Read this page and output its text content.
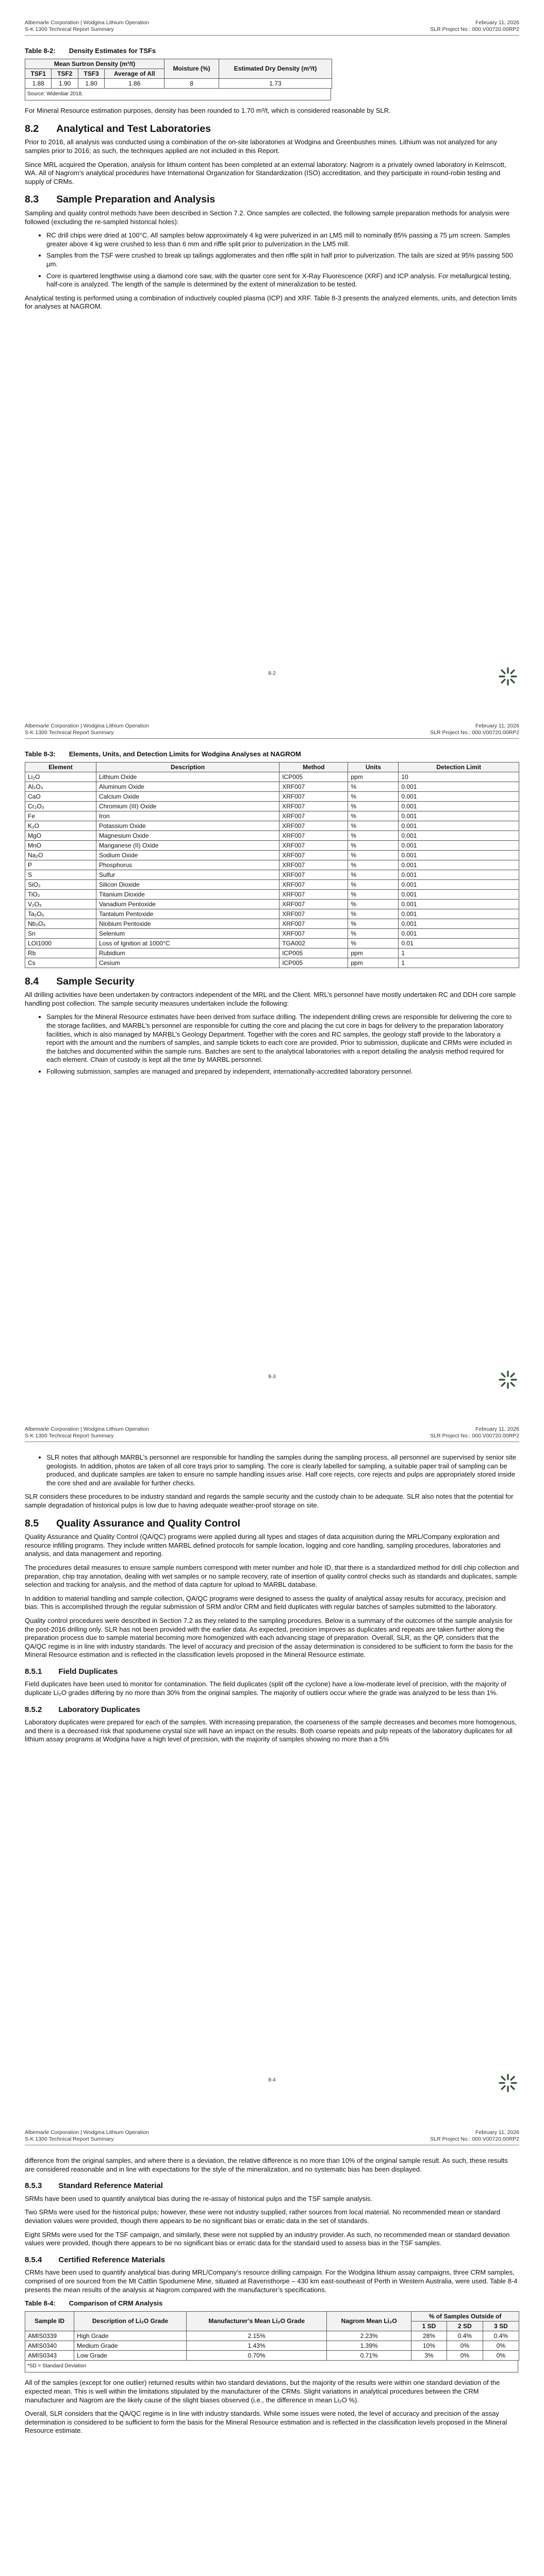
Albemarle Corporation | Wodgina Lithium Operation
S-K 1300 Technical Report Summary
February 11, 2026
SLR Project No.: 000.V00720.00RP2
Table 8-2: Density Estimates for TSFs
Mean Surtron Density (m³/t)				Moisture (%)	Estimated Dry Density (m³/t)
TSF1	TSF2	TSF3	Average of All		
1.88	1.90	1.80	1.86	8	1.73
Source: Widenbar 2018.

For Mineral Resource estimation purposes, density has been rounded to 1.70 m³/t, which is considered reasonable by SLR.

8.2 Analytical and Test Laboratories

Prior to 2016, all analysis was conducted using a combination of the on-site laboratories at Wodgina and Greenbushes mines. Lithium was not analyzed for any samples prior to 2016; as such, the techniques applied are not included in this Report.

Since MRL acquired the Operation, analysis for lithium content has been completed at an external laboratory. Nagrom is a privately owned laboratory in Kelmscott, WA. All of Nagrom’s analytical procedures have International Organization for Standardization (ISO) accreditation, and they participate in round-robin testing and supply of CRMs.

8.3 Sample Preparation and Analysis

Sampling and quality control methods have been described in Section 7.2. Once samples are collected, the following sample preparation methods for analysis were followed (excluding the re-sampled historical holes):

• RC drill chips were dried at 100°C. All samples below approximately 4 kg were pulverized in an LM5 mill to nominally 85% passing a 75 μm screen. Samples greater above 4 kg were crushed to less than 6 mm and riffle split prior to pulverization in the LM5 mill.
• Samples from the TSF were crushed to break up tailings agglomerates and then riffle split in half prior to pulverization. The tails are sized at 95% passing 500 μm.
• Core is quartered lengthwise using a diamond core saw, with the quarter core sent for X-Ray Fluorescence (XRF) and ICP analysis. For metallurgical testing, half-core is analyzed. The length of the sample is determined by the extent of mineralization to be tested.

Analytical testing is performed using a combination of inductively coupled plasma (ICP) and XRF. Table 8-3 presents the analyzed elements, units, and detection limits for analyses at NAGROM.

8-2
Albemarle Corporation | Wodgina Lithium Operation
S-K 1300 Technical Report Summary
February 11, 2026
SLR Project No.: 000.V00720.00RP2
Table 8-3: Elements, Units, and Detection Limits for Wodgina Analyses at NAGROM
Element	Description	Method	Units	Detection Limit
Li₂O	Lithium Oxide	ICP005	ppm	10
Al₂O₃	Aluminum Oxide	XRF007	%	0.001
CaO	Calcium Oxide	XRF007	%	0.001
Cr₂O₃	Chromium (III) Oxide	XRF007	%	0.001
Fe	Iron	XRF007	%	0.001
K₂O	Potassium Oxide	XRF007	%	0.001
MgO	Magnesium Oxide	XRF007	%	0.001
MnO	Manganese (II) Oxide	XRF007	%	0.001
Na₂O	Sodium Oxide	XRF007	%	0.001
P	Phosphorus	XRF007	%	0.001
S	Sulfur	XRF007	%	0.001
SiO₂	Silicon Dioxide	XRF007	%	0.001
TiO₂	Titanium Dioxide	XRF007	%	0.001
V₂O₅	Vanadium Pentoxide	XRF007	%	0.001
Ta₂O₅	Tantalum Pentoxide	XRF007	%	0.001
Nb₂O₅	Niobium Pentoxide	XRF007	%	0.001
Sn	Selenium	XRF007	%	0.001
LOI1000	Loss of Ignition at 1000°C	TGA002	%	0.01
Rb	Rubidium	ICP005	ppm	1
Cs	Cesium	ICP005	ppm	1
8.4 Sample Security

All drilling activities have been undertaken by contractors independent of the MRL and the Client. MRL’s personnel have mostly undertaken RC and DDH core sample handling post collection. The sample security measures undertaken include the following:

• Samples for the Mineral Resource estimates have been derived from surface drilling. The independent drilling crews are responsible for delivering the core to the storage facilities, and MARBL’s personnel are responsible for cutting the core and placing the cut core in bags for delivery to the preparation laboratory facilities, which is also managed by MARBL’s Geology Department. Together with the cores and RC samples, the geology staff provide to the laboratory a report with the amount and the numbers of samples, and sample tickets to each core are provided. Prior to submission, duplicate and CRMs were included in the batches and documented within the sample runs. Batches are sent to the analytical laboratories with a report detailing the analysis method required for each element. Chain of custody is kept all the time by MARBL personnel.
• Following submission, samples are managed and prepared by independent, internationally-accredited laboratory personnel.
8-3
Albemarle Corporation | Wodgina Lithium Operation
S-K 1300 Technical Report Summary
February 11, 2026
SLR Project No.: 000.V00720.00RP2
• SLR notes that although MARBL’s personnel are responsible for handling the samples during the sampling process, all personnel are supervised by senior site geologists. In addition, photos are taken of all core trays prior to sampling. The core is clearly labelled for sampling, a suitable paper trail of sampling can be produced, and duplicate samples are taken to ensure no sample handling issues arise. Half core rejects, core rejects and pulps are appropriately stored inside the core shed and are available for further checks.

SLR considers these procedures to be industry standard and regards the sample security and the custody chain to be adequate. SLR also notes that the potential for sample degradation of historical pulps is low due to having adequate weather-proof storage on site.

8.5 Quality Assurance and Quality Control

Quality Assurance and Quality Control (QA/QC) programs were applied during all types and stages of data acquisition during the MRL/Company exploration and resource infilling programs. They include written MARBL defined protocols for sample location, logging and core handling, sampling procedures, laboratories and analysis, and data management and reporting.

The procedures detail measures to ensure sample numbers correspond with meter number and hole ID, that there is a standardized method for drill chip collection and preparation, chip tray annotation, dealing with wet samples or no sample recovery, rate of insertion of quality control checks such as standards and duplicates, sample selection and tracking for analysis, and the method of data capture for upload to MARBL database.

In addition to material handling and sample collection, QA/QC programs were designed to assess the quality of analytical assay results for accuracy, precision and bias. This is accomplished through the regular submission of SRM and/or CRM and field duplicates with regular batches of samples submitted to the laboratory.

Quality control procedures were described in Section 7.2 as they related to the sampling procedures. Below is a summary of the outcomes of the sample analysis for the post-2016 drilling only. SLR has not been provided with the earlier data. As expected, precision improves as duplicates and repeats are taken further along the preparation process due to sample material becoming more homogenized with each advancing stage of preparation. Overall, SLR, as the QP, considers that the QA/QC regime is in line with industry standards. The level of accuracy and precision of the assay determination is considered to be sufficient to form the basis for the Mineral Resource estimation and is reflected in the classification levels proposed in the Mineral Resource estimate.

8.5.1 Field Duplicates

Field duplicates have been used to monitor for contamination. The field duplicates (split off the cyclone) have a low-moderate level of precision, with the majority of duplicate Li₂O grades differing by no more than 30% from the original samples. The majority of outliers occur where the grade was analyzed to be less than 1%.

8.5.2 Laboratory Duplicates

Laboratory duplicates were prepared for each of the samples. With increasing preparation, the coarseness of the sample decreases and becomes more homogenous, and there is a decreased risk that spodumene crystal size will have an impact on the results. Both coarse repeats and pulp repeats of the laboratory duplicates for all lithium assay programs at Wodgina have a high level of precision, with the majority of samples showing no more than a 5%

8-4
Albemarle Corporation | Wodgina Lithium Operation
S-K 1300 Technical Report Summary
February 11, 2026
SLR Project No.: 000.V00720.00RP2

difference from the original samples, and where there is a deviation, the relative difference is no more than 10% of the original sample result. As such, these results are considered reasonable and in line with expectations for the style of the mineralization, and no systematic bias has been displayed.

8.5.3 Standard Reference Material

SRMs have been used to quantify analytical bias during the re-assay of historical pulps and the TSF sample analysis.

Two SRMs were used for the historical pulps; however, these were not industry supplied, rather sources from local material. No recommended mean or standard deviation values were provided, though there appears to be no significant bias or erratic data in the set of standards.

Eight SRMs were used for the TSF campaign, and similarly, these were not supplied by an industry provider. As such, no recommended mean or standard deviation values were provided, though there appears to be no significant bias or erratic data for the standard used to assess bias in the TSF samples.

8.5.4 Certified Reference Materials

CRMs have been used to quantify analytical bias during MRL/Company’s resource drilling campaign. For the Wodgina lithium assay campaigns, three CRM samples, comprised of ore sourced from the Mt Cattlin Spodumene Mine, situated at Ravensthorpe – 430 km east-southeast of Perth in Western Australia, were used. Table 8-4 presents the mean results of the analysis at Nagrom compared with the manufacturer’s specifications.

Table 8-4: Comparison of CRM Analysis
Sample ID	Description of Li₂O Grade	Manufacturer’s Mean Li₂O Grade	Nagrom Mean Li₂O	% of Samples Outside of		
				1 SD	2 SD	3 SD
AMIS0339	High Grade	2.15%	2.23%	28%	0.4%	0.4%
AMIS0340	Medium Grade	1.43%	1.39%	10%	0%	0%
AMIS0343	Low Grade	0.70%	0.71%	3%	0%	0%
*SD = Standard Deviation

All of the samples (except for one outlier) returned results within two standard deviations, but the majority of the results were within one standard deviation of the expected mean. This is well within the limitations stipulated by the manufacturer of the CRMs. Slight variations in analytical procedures between the CRM manufacturer and Nagrom are the likely cause of the slight biases observed (i.e., the difference in mean Li₂O %).

Overall, SLR considers that the QA/QC regime is in line with industry standards. While some issues were noted, the level of accuracy and precision of the assay determination is considered to be sufficient to form the basis for the Mineral Resource estimation and is reflected in the classification levels proposed in the Mineral Resource estimate.
